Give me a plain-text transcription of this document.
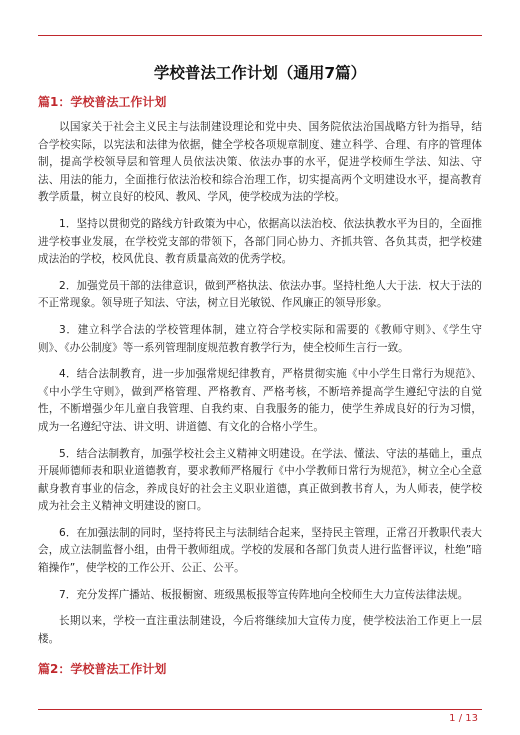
学校普法工作计划（通用7篇）
篇1：学校普法工作计划

以国家关于社会主义民主与法制建设理论和党中央、国务院依法治国战略方针为指导，结合学校实际，以宪法和法律为依据，健全学校各项规章制度、建立科学、合理、有序的管理体制，提高学校领导层和管理人员依法决策、依法办事的水平，促进学校师生学法、知法、守法、用法的能力，全面推行依法治校和综合治理工作，切实提高两个文明建设水平，提高教育教学质量，树立良好的校风、教风、学风，使学校成为法的学校。

1．坚持以贯彻党的路线方针政策为中心，依据高以法治校、依法执教水平为目的，全面推进学校事业发展，在学校党支部的带领下，各部门同心协力、齐抓共管、各负其责，把学校建成法治的学校，校风优良、教育质量高效的优秀学校。

2．加强党员干部的法律意识，做到严格执法、依法办事。坚持杜绝人大于法．权大于法的不正常现象。领导班子知法、守法，树立目光敏锐、作风廉正的领导形象。

3．建立科学合法的学校管理体制，建立符合学校实际和需要的《教师守则》、《学生守则》、《办公制度》等一系列管理制度规范教育教学行为，使全校师生言行一致。

4．结合法制教育，进一步加强常规纪律教育，严格贯彻实施《中小学生日常行为规范》、《中小学生守则》，做到严格管理、严格教育、严格考核，不断培养提高学生遵纪守法的自觉性，不断增强少年儿童自我管理、自我约束、自我服务的能力，使学生养成良好的行为习惯，成为一名遵纪守法、讲文明、讲道德、有文化的合格小学生。

5．结合法制教育，加强学校社会主义精神文明建设。在学法、懂法、守法的基础上，重点开展师德师表和职业道德教育，要求教师严格履行《中小学教师日常行为规范》，树立全心全意献身教育事业的信念，养成良好的社会主义职业道德，真正做到教书育人，为人师表，使学校成为社会主义精神文明建设的窗口。

6．在加强法制的同时，坚持将民主与法制结合起来，坚持民主管理，正常召开教职代表大会，成立法制监督小组，由骨干教师组成。学校的发展和各部门负责人进行监督评议，杜绝”暗箱操作”，使学校的工作公开、公正、公平。

7．充分发挥广播站、板报橱窗、班级黑板报等宣传阵地向全校师生大力宣传法律法规。

长期以来，学校一直注重法制建设，今后将继续加大宣传力度，使学校法治工作更上一层楼。

篇2：学校普法工作计划
1 / 13
